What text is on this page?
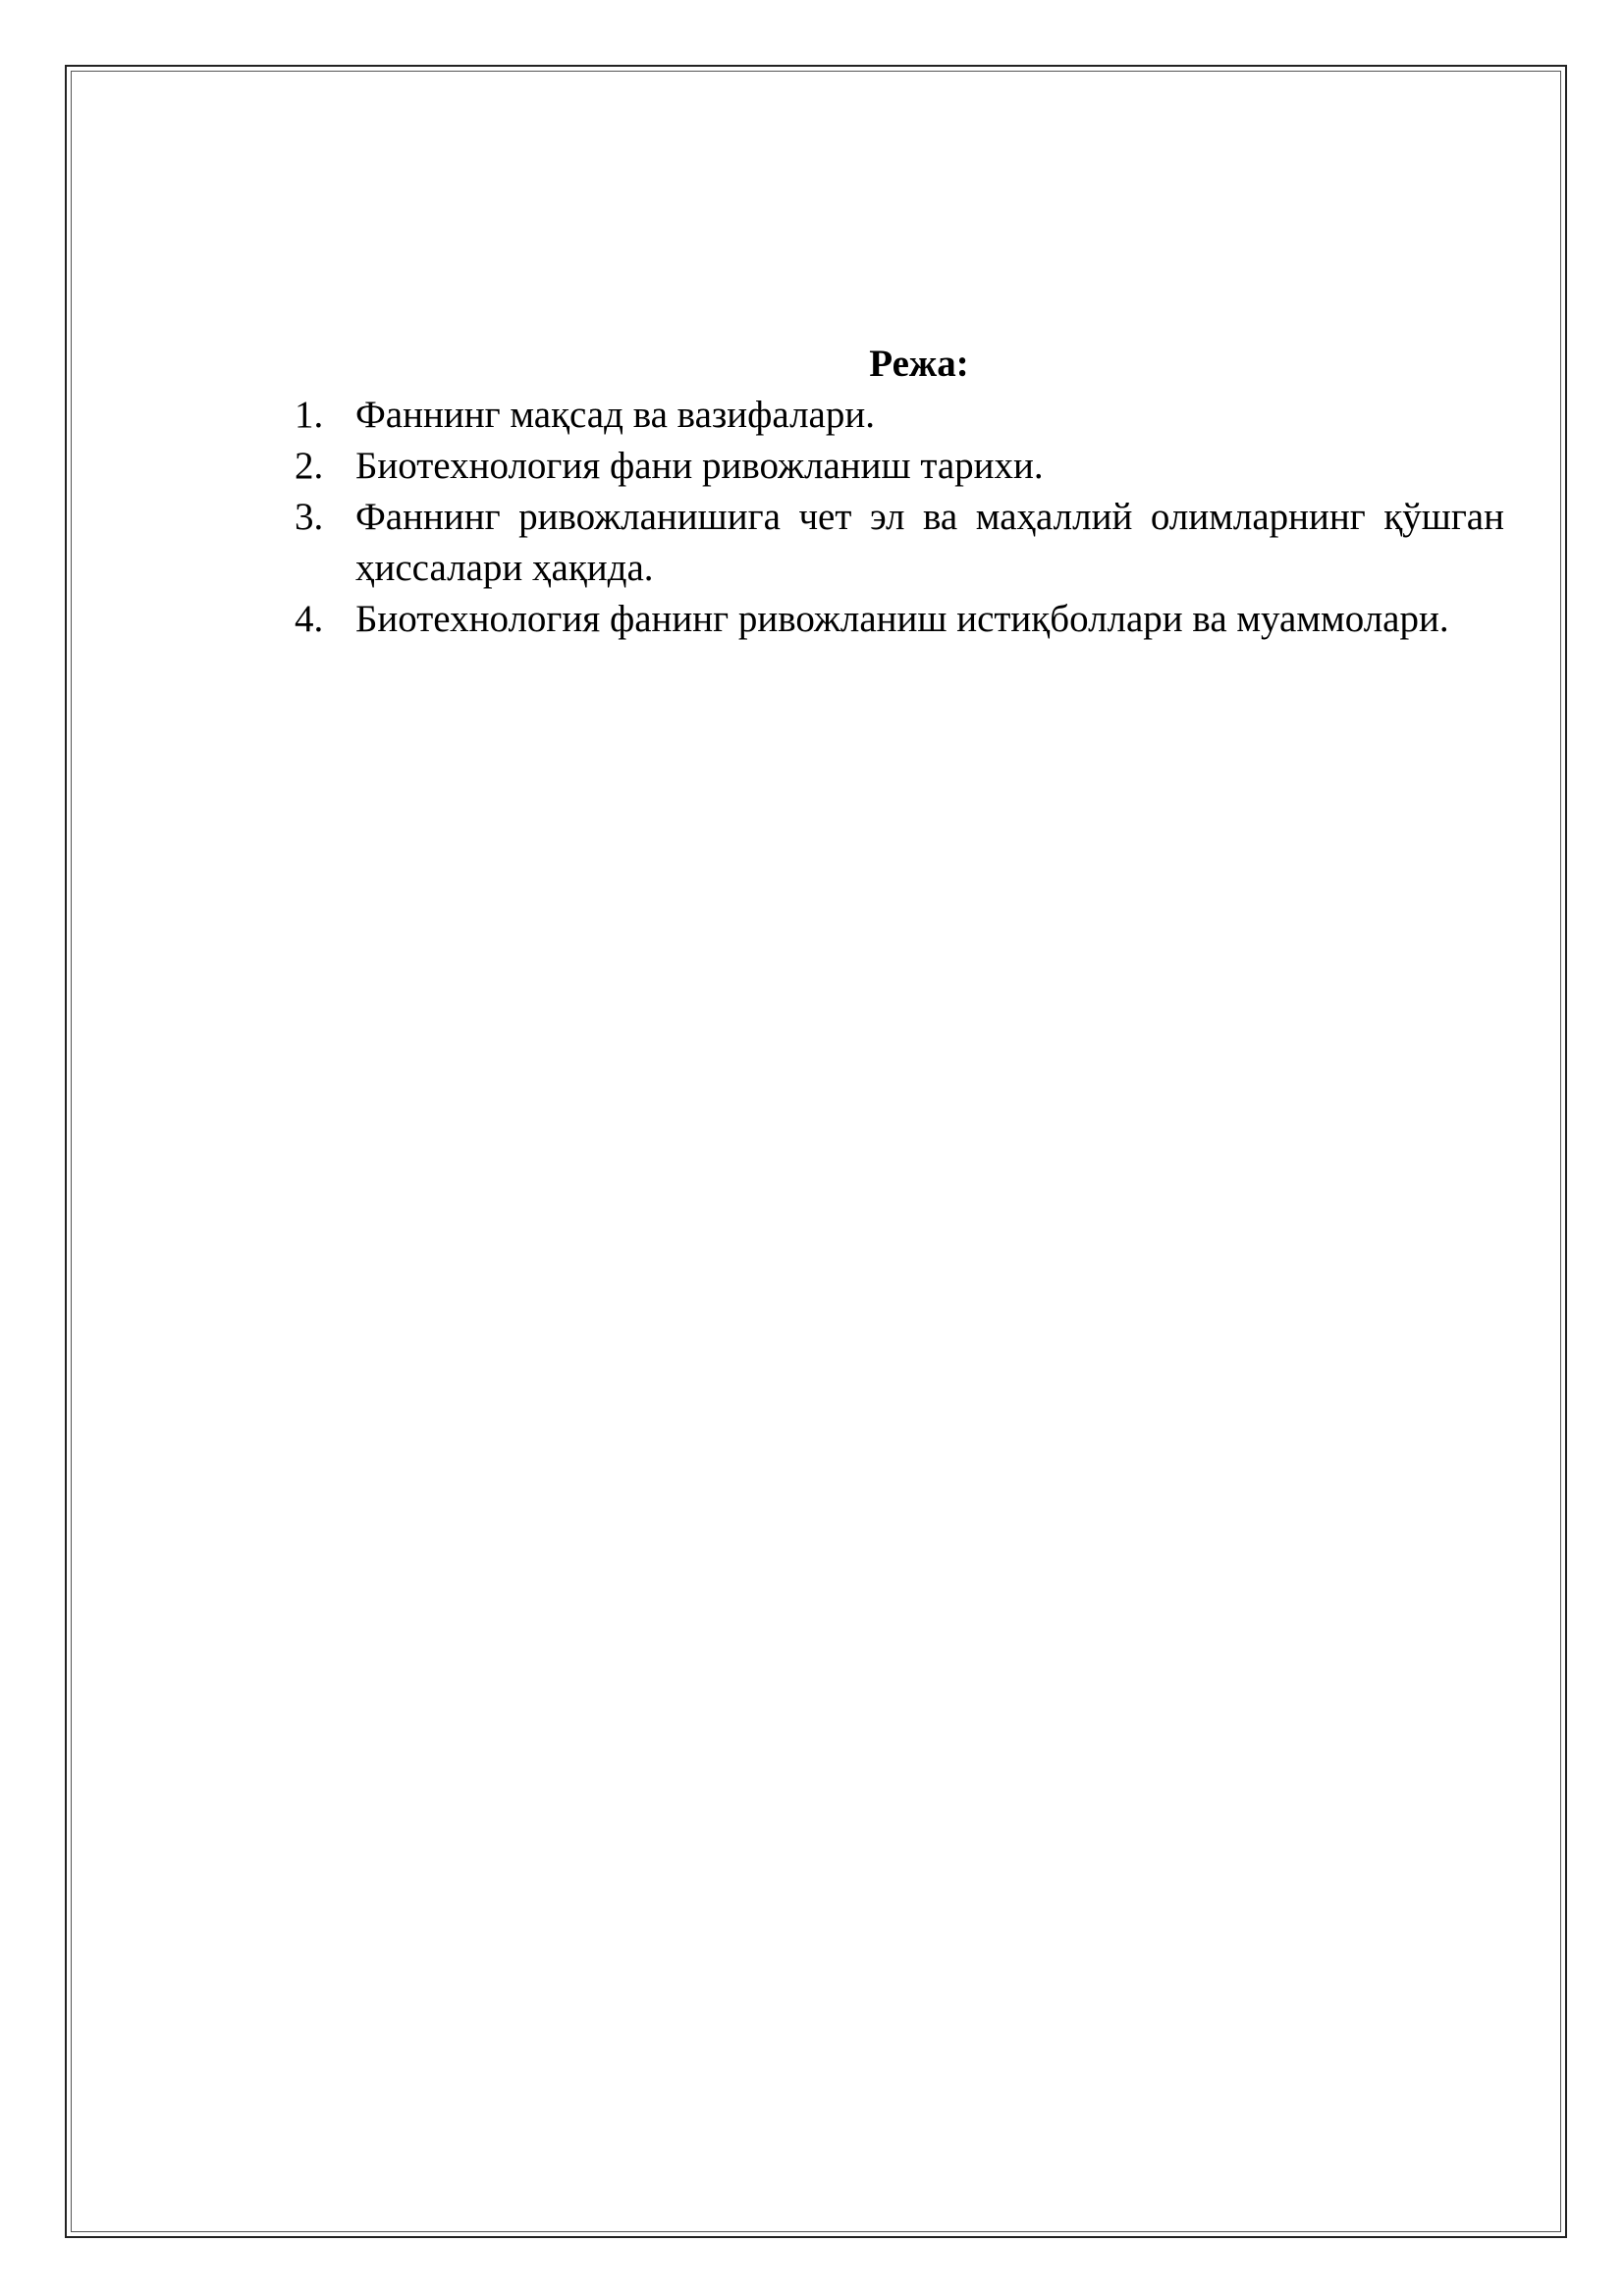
Режа:
1. Фаннинг мақсад ва вазифалари.
2. Биотехнология фани ривожланиш тарихи.
3. Фаннинг ривожланишига чет эл ва маҳаллий олимларнинг қўшган ҳиссалари ҳақида.
4. Биотехнология фанинг ривожланиш истиқболлари ва муаммолари.
